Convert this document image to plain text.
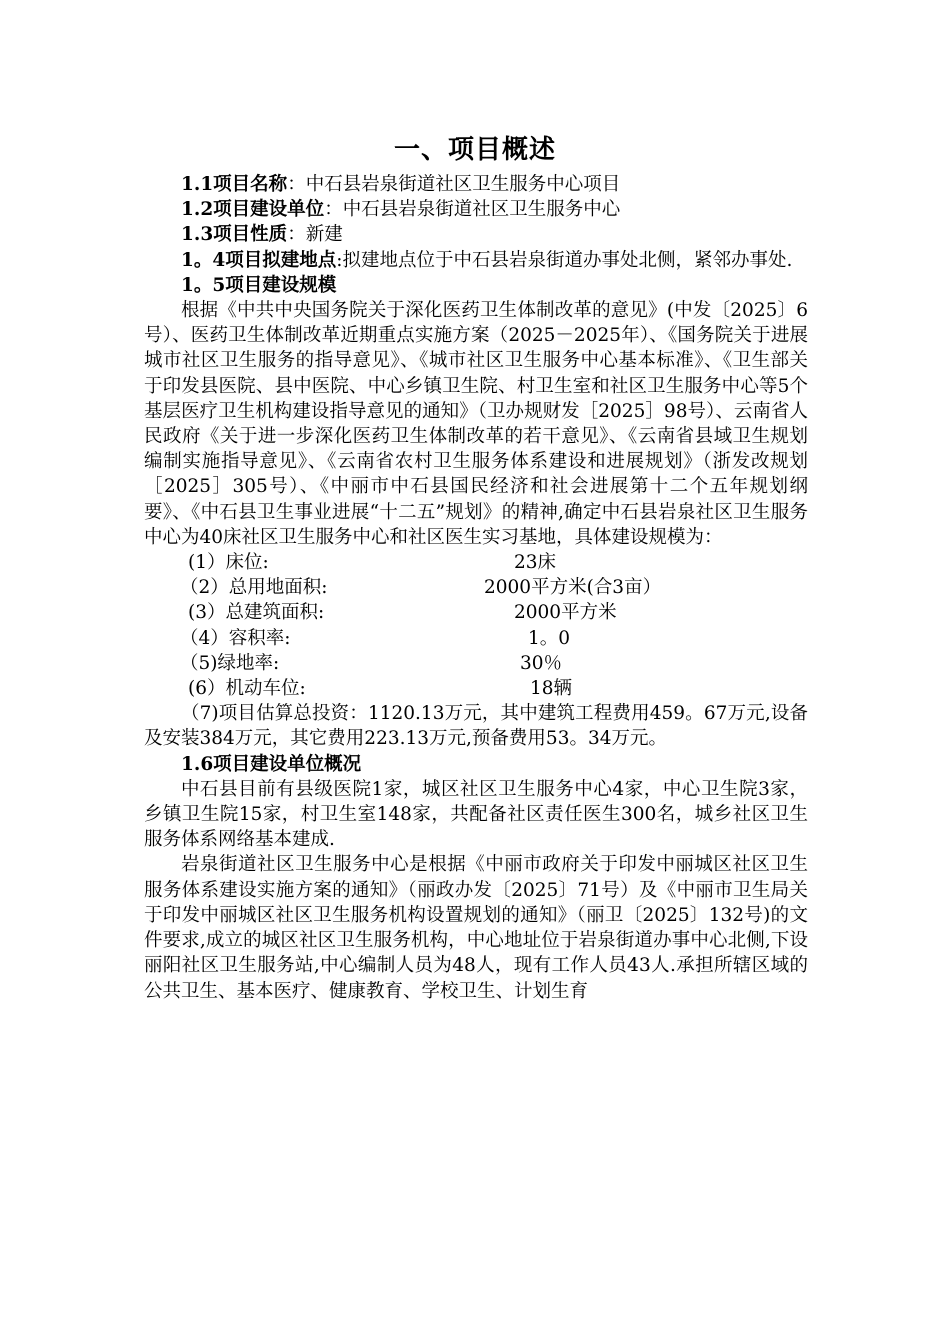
一、项目概述

1.1项目名称：中石县岩泉街道社区卫生服务中心项目

1.2项目建设单位：中石县岩泉街道社区卫生服务中心

1.3项目性质：新建

1。4项目拟建地点:拟建地点位于中石县岩泉街道办事处北侧，紧邻办事处.

1。5项目建设规模

根据《中共中央国务院关于深化医药卫生体制改革的意见》(中发〔2025〕6号）、医药卫生体制改革近期重点实施方案（2025－2025年）、《国务院关于进展城市社区卫生服务的指导意见》、《城市社区卫生服务中心基本标准》、《卫生部关于印发县医院、县中医院、中心乡镇卫生院、村卫生室和社区卫生服务中心等5个基层医疗卫生机构建设指导意见的通知》（卫办规财发［2025］98号）、云南省人民政府《关于进一步深化医药卫生体制改革的若干意见》、《云南省县域卫生规划编制实施指导意见》、《云南省农村卫生服务体系建设和进展规划》（浙发改规划［2025］305号）、《中丽市中石县国民经济和社会进展第十二个五年规划纲要》、《中石县卫生事业进展“十二五”规划》的精神,确定中石县岩泉社区卫生服务中心为40床社区卫生服务中心和社区医生实习基地，具体建设规模为：

(1）床位:	23床

（2）总用地面积:	2000平方米(合3亩）

(3）总建筑面积:	2000平方米

（4）容积率:	1。0

（5)绿地率:	30％

(6）机动车位:	18辆

（7)项目估算总投资：1120.13万元，其中建筑工程费用459。67万元,设备及安装384万元，其它费用223.13万元,预备费用53。34万元。

1.6项目建设单位概况

中石县目前有县级医院1家，城区社区卫生服务中心4家，中心卫生院3家，乡镇卫生院15家，村卫生室148家，共配备社区责任医生300名，城乡社区卫生服务体系网络基本建成.

岩泉街道社区卫生服务中心是根据《中丽市政府关于印发中丽城区社区卫生服务体系建设实施方案的通知》（丽政办发〔2025〕71号）及《中丽市卫生局关于印发中丽城区社区卫生服务机构设置规划的通知》（丽卫〔2025〕132号)的文件要求,成立的城区社区卫生服务机构，中心地址位于岩泉街道办事中心北侧,下设丽阳社区卫生服务站,中心编制人员为48人，现有工作人员43人.承担所辖区域的公共卫生、基本医疗、健康教育、学校卫生、计划生育
